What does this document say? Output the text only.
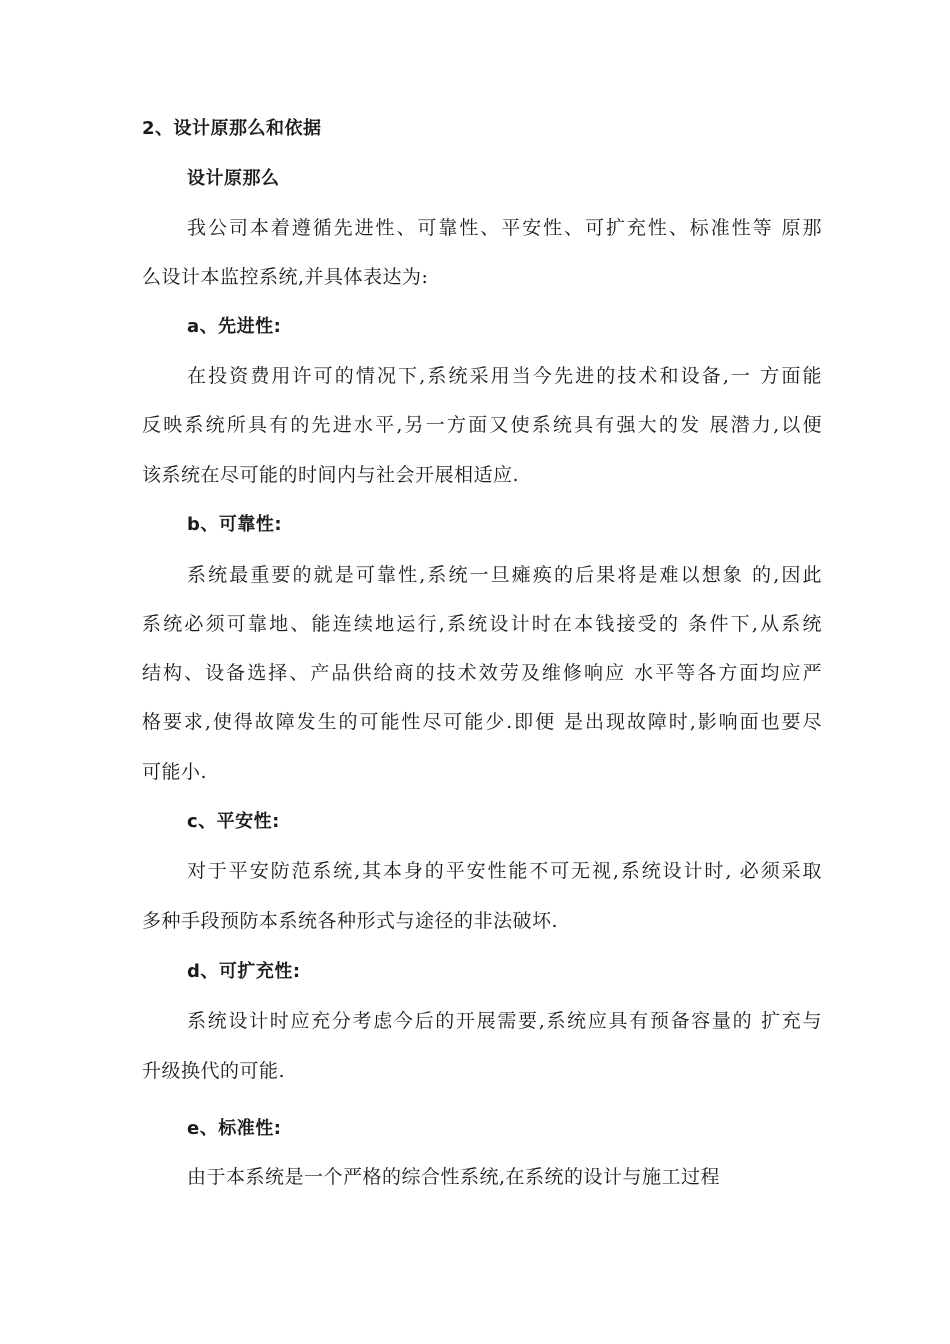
2、设计原那么和依据
设计原那么
我公司本着遵循先进性、可靠性、平安性、可扩充性、标准性等 原那
么设计本监控系统,并具体表达为:
a、先进性:
在投资费用许可的情况下,系统采用当今先进的技术和设备,一 方面能
反映系统所具有的先进水平,另一方面又使系统具有强大的发 展潜力,以便
该系统在尽可能的时间内与社会开展相适应.
b、可靠性:
系统最重要的就是可靠性,系统一旦瘫痪的后果将是难以想象 的,因此
系统必须可靠地、能连续地运行,系统设计时在本钱接受的 条件下,从系统
结构、设备选择、产品供给商的技术效劳及维修响应 水平等各方面均应严
格要求,使得故障发生的可能性尽可能少.即便 是出现故障时,影响面也要尽
可能小.
c、平安性:
对于平安防范系统,其本身的平安性能不可无视,系统设计时, 必须采取
多种手段预防本系统各种形式与途径的非法破坏.
d、可扩充性:
系统设计时应充分考虑今后的开展需要,系统应具有预备容量的 扩充与
升级换代的可能.
e、标准性:
由于本系统是一个严格的综合性系统,在系统的设计与施工过程
